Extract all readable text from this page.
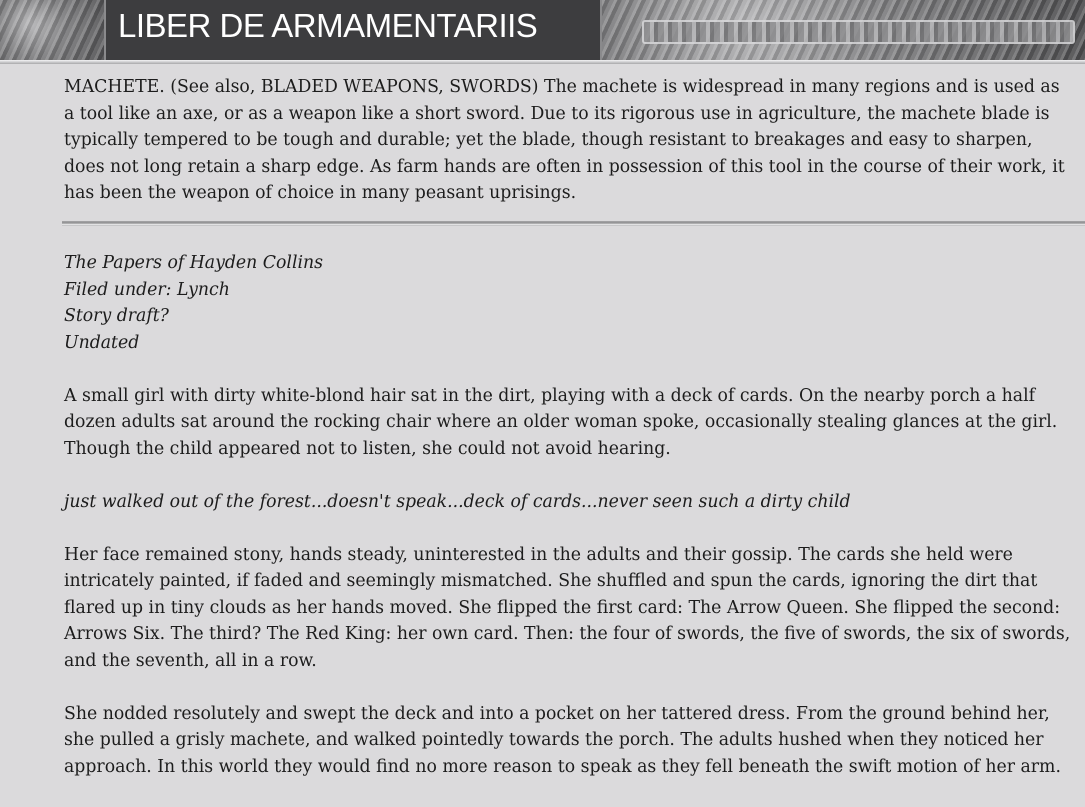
LIBER DE ARMAMENTARIIS

MACHETE. (See also, BLADED WEAPONS, SWORDS) The machete is widespread in many regions and is used as a tool like an axe, or as a weapon like a short sword. Due to its rigorous use in agriculture, the machete blade is typically tempered to be tough and durable; yet the blade, though resistant to breakages and easy to sharpen, does not long retain a sharp edge. As farm hands are often in possession of this tool in the course of their work, it has been the weapon of choice in many peasant uprisings.

The Papers of Hayden Collins

Filed under: Lynch

Story draft?

Undated

A small girl with dirty white-blond hair sat in the dirt, playing with a deck of cards. On the nearby porch a half dozen adults sat around the rocking chair where an older woman spoke, occasionally stealing glances at the girl. Though the child appeared not to listen, she could not avoid hearing.

just walked out of the forest...doesn't speak...deck of cards...never seen such a dirty child

Her face remained stony, hands steady, uninterested in the adults and their gossip. The cards she held were intricately painted, if faded and seemingly mismatched. She shuffled and spun the cards, ignoring the dirt that flared up in tiny clouds as her hands moved. She flipped the first card: The Arrow Queen. She flipped the second: Arrows Six. The third? The Red King: her own card. Then: the four of swords, the five of swords, the six of swords, and the seventh, all in a row.

She nodded resolutely and swept the deck and into a pocket on her tattered dress. From the ground behind her, she pulled a grisly machete, and walked pointedly towards the porch. The adults hushed when they noticed her approach. In this world they would find no more reason to speak as they fell beneath the swift motion of her arm.
